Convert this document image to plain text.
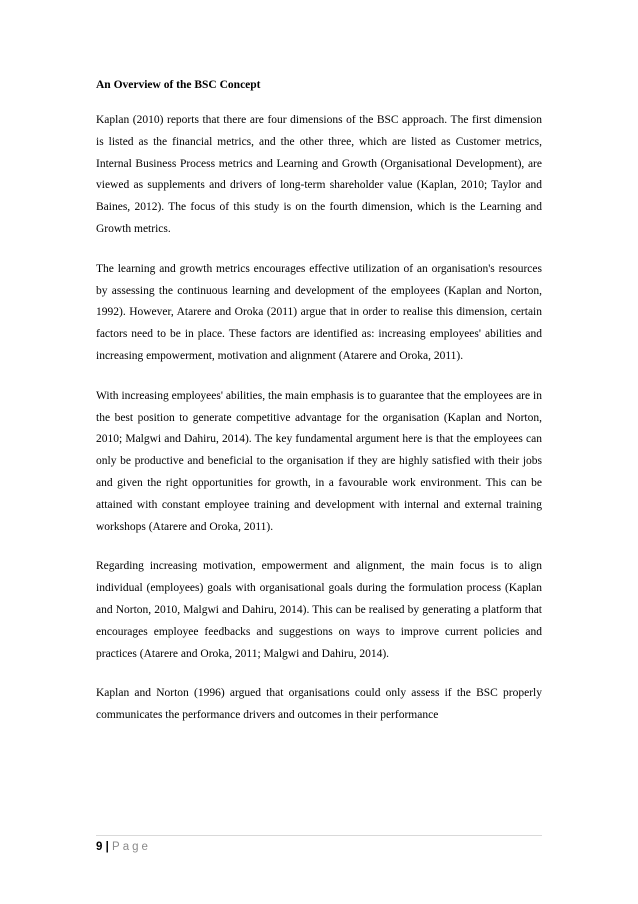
An Overview of the BSC Concept

Kaplan (2010) reports that there are four dimensions of the BSC approach. The first dimension is listed as the financial metrics, and the other three, which are listed as Customer metrics, Internal Business Process metrics and Learning and Growth (Organisational Development), are viewed as supplements and drivers of long-term shareholder value (Kaplan, 2010; Taylor and Baines, 2012). The focus of this study is on the fourth dimension, which is the Learning and Growth metrics.

The learning and growth metrics encourages effective utilization of an organisation's resources by assessing the continuous learning and development of the employees (Kaplan and Norton, 1992). However, Atarere and Oroka (2011) argue that in order to realise this dimension, certain factors need to be in place. These factors are identified as: increasing employees' abilities and increasing empowerment, motivation and alignment (Atarere and Oroka, 2011).

With increasing employees' abilities, the main emphasis is to guarantee that the employees are in the best position to generate competitive advantage for the organisation (Kaplan and Norton, 2010; Malgwi and Dahiru, 2014). The key fundamental argument here is that the employees can only be productive and beneficial to the organisation if they are highly satisfied with their jobs and given the right opportunities for growth, in a favourable work environment. This can be attained with constant employee training and development with internal and external training workshops (Atarere and Oroka, 2011).

Regarding increasing motivation, empowerment and alignment, the main focus is to align individual (employees) goals with organisational goals during the formulation process (Kaplan and Norton, 2010, Malgwi and Dahiru, 2014). This can be realised by generating a platform that encourages employee feedbacks and suggestions on ways to improve current policies and practices (Atarere and Oroka, 2011; Malgwi and Dahiru, 2014).

Kaplan and Norton (1996) argued that organisations could only assess if the BSC properly communicates the performance drivers and outcomes in their performance

9 | Page
